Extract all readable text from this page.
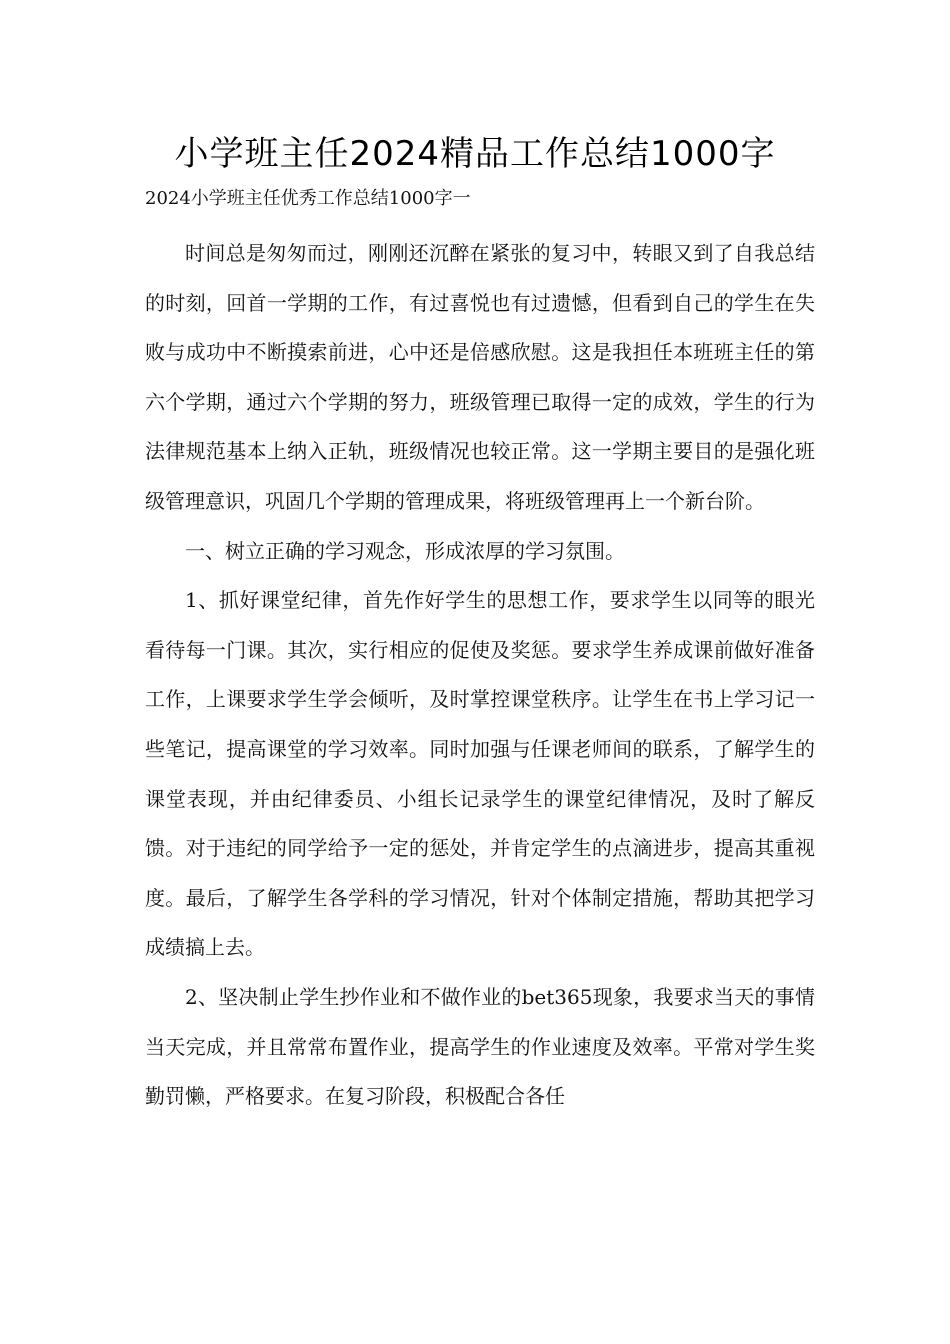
小学班主任2024精品工作总结1000字
2024小学班主任优秀工作总结1000字一

时间总是匆匆而过，刚刚还沉醉在紧张的复习中，转眼又到了自我总结的时刻，回首一学期的工作，有过喜悦也有过遗憾，但看到自己的学生在失败与成功中不断摸索前进，心中还是倍感欣慰。这是我担任本班班主任的第六个学期，通过六个学期的努力，班级管理已取得一定的成效，学生的行为法律规范基本上纳入正轨，班级情况也较正常。这一学期主要目的是强化班级管理意识，巩固几个学期的管理成果，将班级管理再上一个新台阶。

一、树立正确的学习观念，形成浓厚的学习氛围。

1、抓好课堂纪律，首先作好学生的思想工作，要求学生以同等的眼光看待每一门课。其次，实行相应的促使及奖惩。要求学生养成课前做好准备工作，上课要求学生学会倾听，及时掌控课堂秩序。让学生在书上学习记一些笔记，提高课堂的学习效率。同时加强与任课老师间的联系，了解学生的课堂表现，并由纪律委员、小组长记录学生的课堂纪律情况，及时了解反馈。对于违纪的同学给予一定的惩处，并肯定学生的点滴进步，提高其重视度。最后，了解学生各学科的学习情况，针对个体制定措施，帮助其把学习成绩搞上去。

2、坚决制止学生抄作业和不做作业的bet365现象，我要求当天的事情当天完成，并且常常布置作业，提高学生的作业速度及效率。平常对学生奖勤罚懒，严格要求。在复习阶段，积极配合各任
